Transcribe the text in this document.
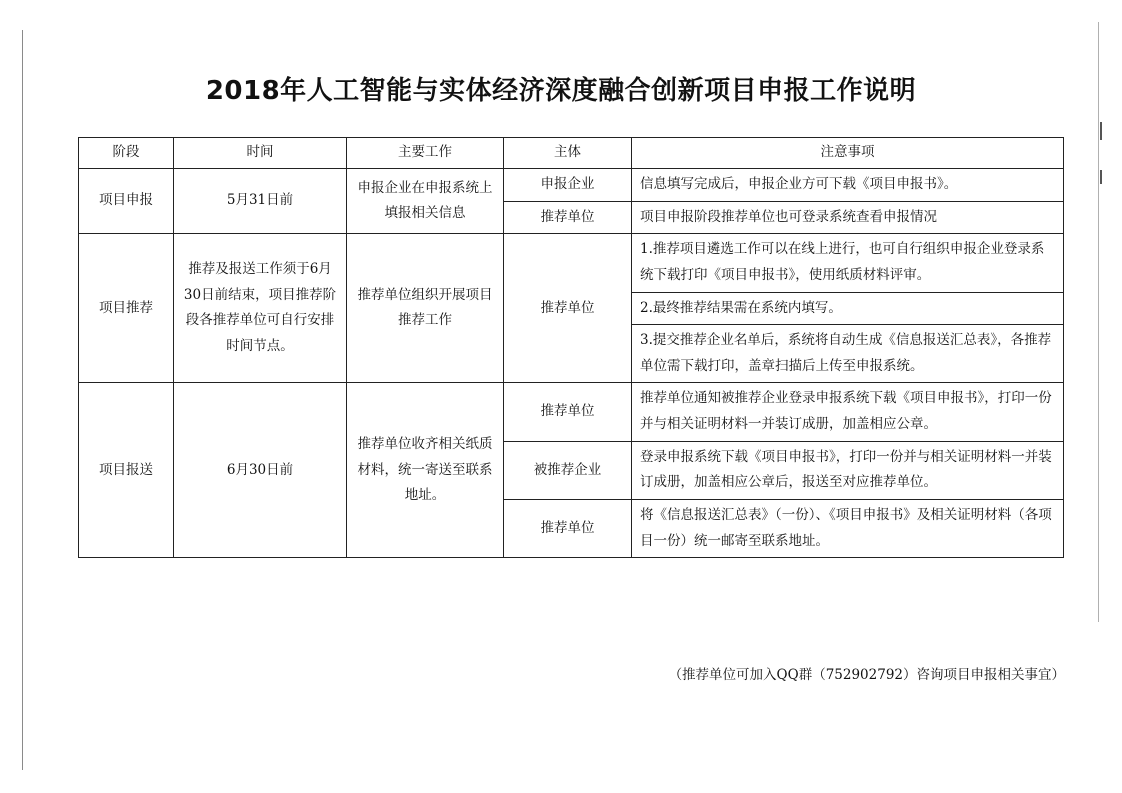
2018年人工智能与实体经济深度融合创新项目申报工作说明
阶段	时间	主要工作	主体	注意事项
项目申报	5月31日前	申报企业在申报系统上填报相关信息	申报企业	信息填写完成后，申报企业方可下载《项目申报书》。
			推荐单位	项目申报阶段推荐单位也可登录系统查看申报情况
项目推荐	推荐及报送工作须于6月30日前结束，项目推荐阶段各推荐单位可自行安排时间节点。	推荐单位组织开展项目推荐工作	推荐单位	1.推荐项目遴选工作可以在线上进行，也可自行组织申报企业登录系统下载打印《项目申报书》，使用纸质材料评审。
				2.最终推荐结果需在系统内填写。
				3.提交推荐企业名单后，系统将自动生成《信息报送汇总表》，各推荐单位需下载打印，盖章扫描后上传至申报系统。
项目报送	6月30日前	推荐单位收齐相关纸质材料，统一寄送至联系地址。	推荐单位	推荐单位通知被推荐企业登录申报系统下载《项目申报书》，打印一份并与相关证明材料一并装订成册，加盖相应公章。
			被推荐企业	登录申报系统下载《项目申报书》，打印一份并与相关证明材料一并装订成册，加盖相应公章后，报送至对应推荐单位。
			推荐单位	将《信息报送汇总表》（一份）、《项目申报书》及相关证明材料（各项目一份）统一邮寄至联系地址。
（推荐单位可加入QQ群（752902792）咨询项目申报相关事宜）
